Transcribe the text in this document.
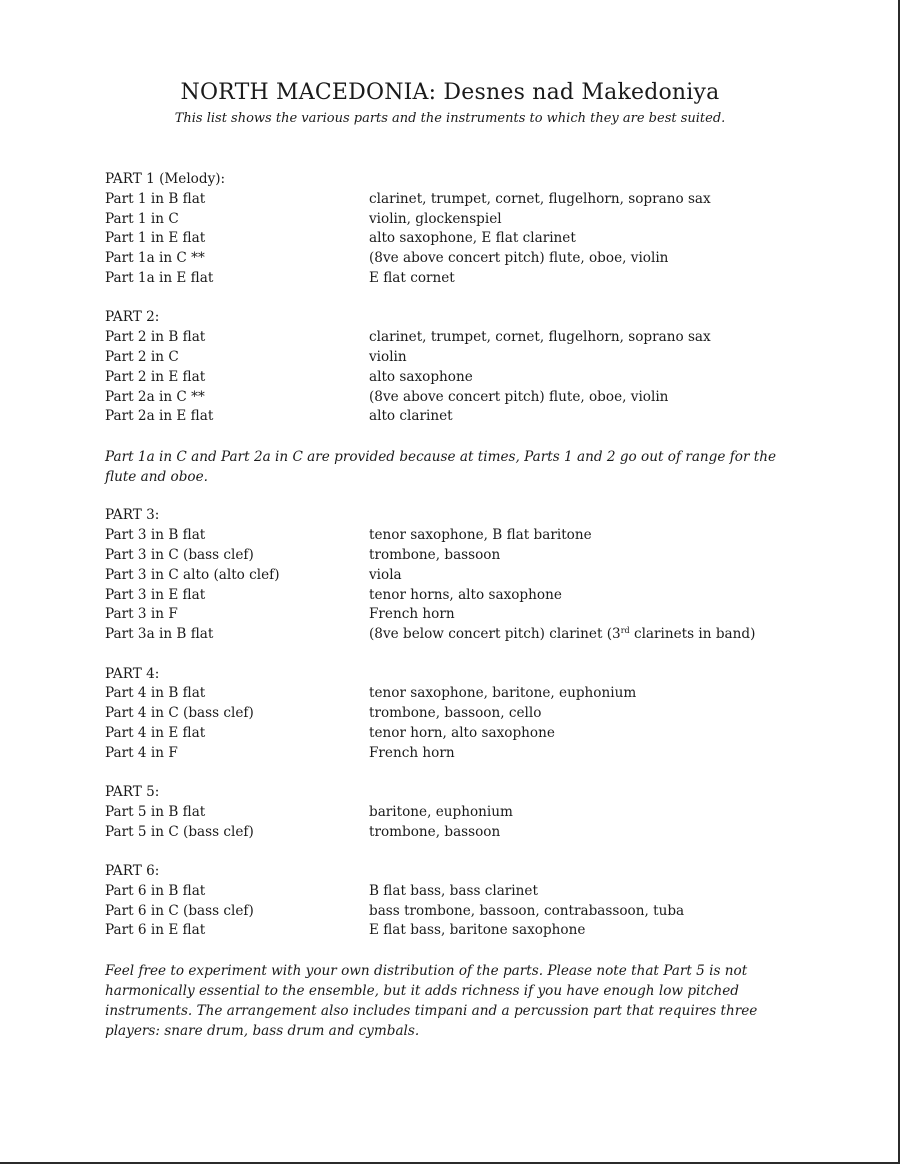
NORTH MACEDONIA: Desnes nad Makedoniya
This list shows the various parts and the instruments to which they are best suited.
PART 1 (Melody):
Part 1 in B flat	clarinet, trumpet, cornet, flugelhorn, soprano sax
Part 1 in C	violin, glockenspiel
Part 1 in E flat	alto saxophone, E flat clarinet
Part 1a in C **	(8ve above concert pitch) flute, oboe, violin
Part 1a in E flat	E flat cornet
PART 2:
Part 2 in B flat	clarinet, trumpet, cornet, flugelhorn, soprano sax
Part 2 in C	violin
Part 2 in E flat	alto saxophone
Part 2a in C **	(8ve above concert pitch) flute, oboe, violin
Part 2a in E flat	alto clarinet
Part 1a in C and Part 2a in C are provided because at times, Parts 1 and 2 go out of range for the flute and oboe.
PART 3:
Part 3 in B flat	tenor saxophone, B flat baritone
Part 3 in C (bass clef)	trombone, bassoon
Part 3 in C alto (alto clef)	viola
Part 3 in E flat	tenor horns, alto saxophone
Part 3 in F	French horn
Part 3a in B flat	(8ve below concert pitch) clarinet (3rd clarinets in band)
PART 4:
Part 4 in B flat	tenor saxophone, baritone, euphonium
Part 4 in C (bass clef)	trombone, bassoon, cello
Part 4 in E flat	tenor horn, alto saxophone
Part 4 in F	French horn
PART 5:
Part 5 in B flat	baritone, euphonium
Part 5 in C (bass clef)	trombone, bassoon
PART 6:
Part 6 in B flat	B flat bass, bass clarinet
Part 6 in C (bass clef)	bass trombone, bassoon, contrabassoon, tuba
Part 6 in E flat	E flat bass, baritone saxophone
Feel free to experiment with your own distribution of the parts. Please note that Part 5 is not harmonically essential to the ensemble, but it adds richness if you have enough low pitched instruments. The arrangement also includes timpani and a percussion part that requires three players: snare drum, bass drum and cymbals.
